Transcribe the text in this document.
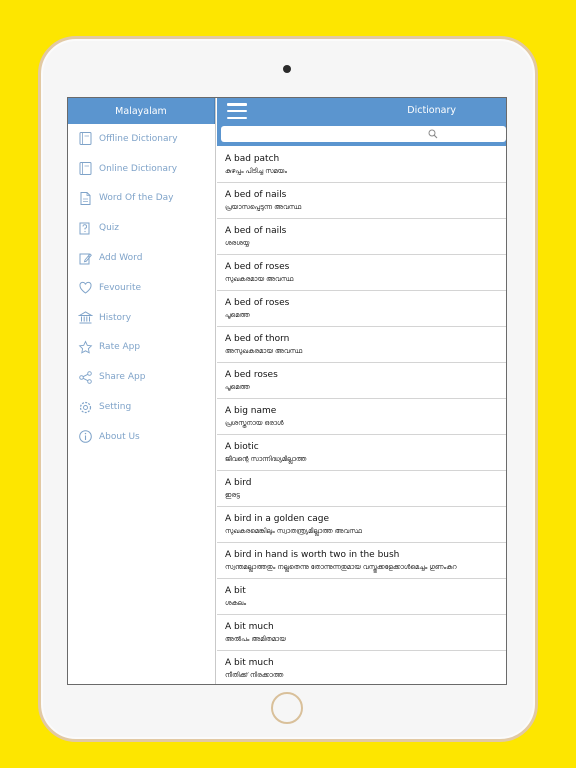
Malayalam
Offline Dictionary
Online Dictionary
Word Of the Day
Quiz
Add Word
Fevourite
History
Rate App
Share App
Setting
About Us
Dictionary
A bad patch
കുഴപ്പം പിടിച്ച സമയം
A bed of nails
പ്രയാസപ്പെടുന്ന അവസ്ഥ
A bed of nails
ശരശയ്യ
A bed of roses
സുഖകരമായ അവസ്ഥ
A bed of roses
പൂമെത്ത
A bed of thorn
അസുഖകരമായ അവസ്ഥ
A bed roses
പൂമെത്ത
A big name
പ്രശസ്തനായ ഒരാൾ
A biotic
ജീവന്റെ സാന്നിദ്ധ്യമില്ലാത്ത
A bird
ഇരട്ട
A bird in a golden cage
സുഖകരമെങ്കിലും സ്വാതന്ത്ര്യമില്ലാത്ത അവസ്ഥ
A bird in hand is worth two in the bush
സ്വന്തമല്ലാത്തതും നല്ലതെന്നു തോന്നുന്നതുമായ വസ്തുക്കളേക്കാൾമെച്ചം ഗുണംകുറ
A bit
ശകലം
A bit much
അൽപം അമിതമായ
A bit much
നീതിക്ക് നിരക്കാത്ത
